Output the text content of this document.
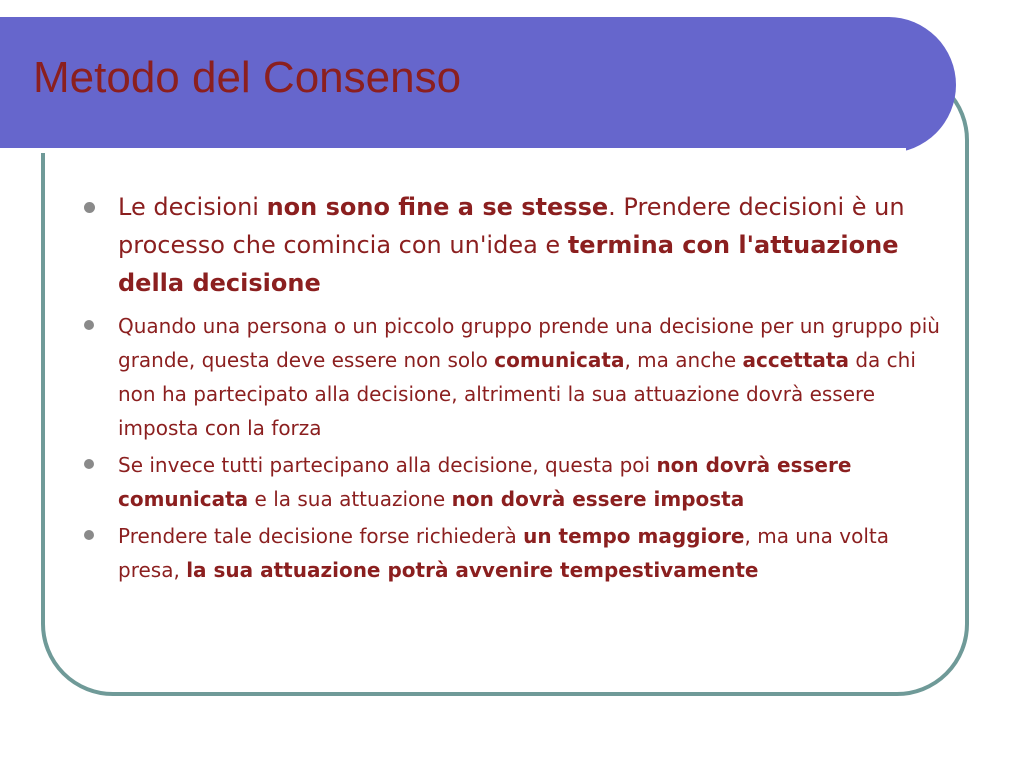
Metodo del Consenso
Le decisioni non sono fine a se stesse. Prendere decisioni è un processo che comincia con un'idea e termina con l'attuazione della decisione
Quando una persona o un piccolo gruppo prende una decisione per un gruppo più grande, questa deve essere non solo comunicata, ma anche accettata da chi non ha partecipato alla decisione, altrimenti la sua attuazione dovrà essere imposta con la forza
Se invece tutti partecipano alla decisione, questa poi non dovrà essere comunicata e la sua attuazione non dovrà essere imposta
Prendere tale decisione forse richiederà un tempo maggiore, ma una volta presa, la sua attuazione potrà avvenire tempestivamente
